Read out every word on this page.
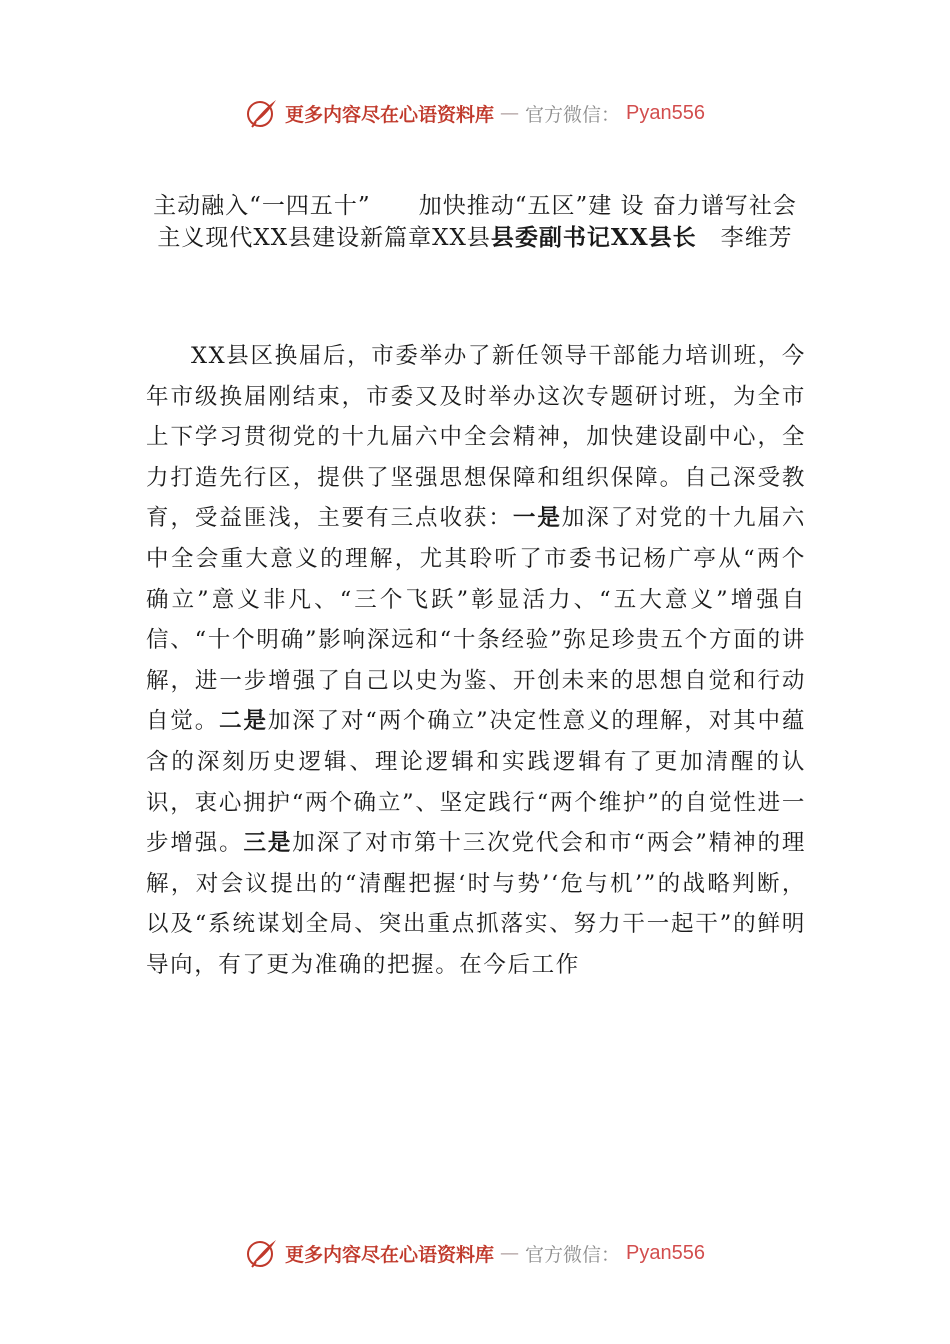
更多内容尽在心语资料库 — 官方微信： Pyan556
主动融入“一四五十”　　加快推动“五区”建 设 奋力谱写社会主义现代XX县建设新篇章XX县县委副书记XX县长　李维芳
XX县区换届后，市委举办了新任领导干部能力培训班，今年市级换届刚结束，市委又及时举办这次专题研讨班，为全市上下学习贯彻党的十九届六中全会精神，加快建设副中心，全力打造先行区，提供了坚强思想保障和组织保障。自己深受教育，受益匪浅，主要有三点收获：一是加深了对党的十九届六中全会重大意义的理解，尤其聆听了市委书记杨广亭从“两个确立”意义非凡、“三个飞跃”彰显活力、“五大意义”增强自信、“十个明确”影响深远和“十条经验”弥足珍贵五个方面的讲解，进一步增强了自己以史为鉴、开创未来的思想自觉和行动自觉。二是加深了对“两个确立”决定性意义的理解，对其中蕴含的深刻历史逻辑、理论逻辑和实践逻辑有了更加清醒的认识，衷心拥护“两个确立”、坚定践行“两个维护”的自觉性进一步增强。三是加深了对市第十三次党代会和市“两会”精神的理解，对会议提出的“清醒把握‘时与势’‘危与机’”的战略判断，以及“系统谋划全局、突出重点抓落实、努力干一起干”的鲜明导向，有了更为准确的把握。在今后工作
更多内容尽在心语资料库 — 官方微信： Pyan556
